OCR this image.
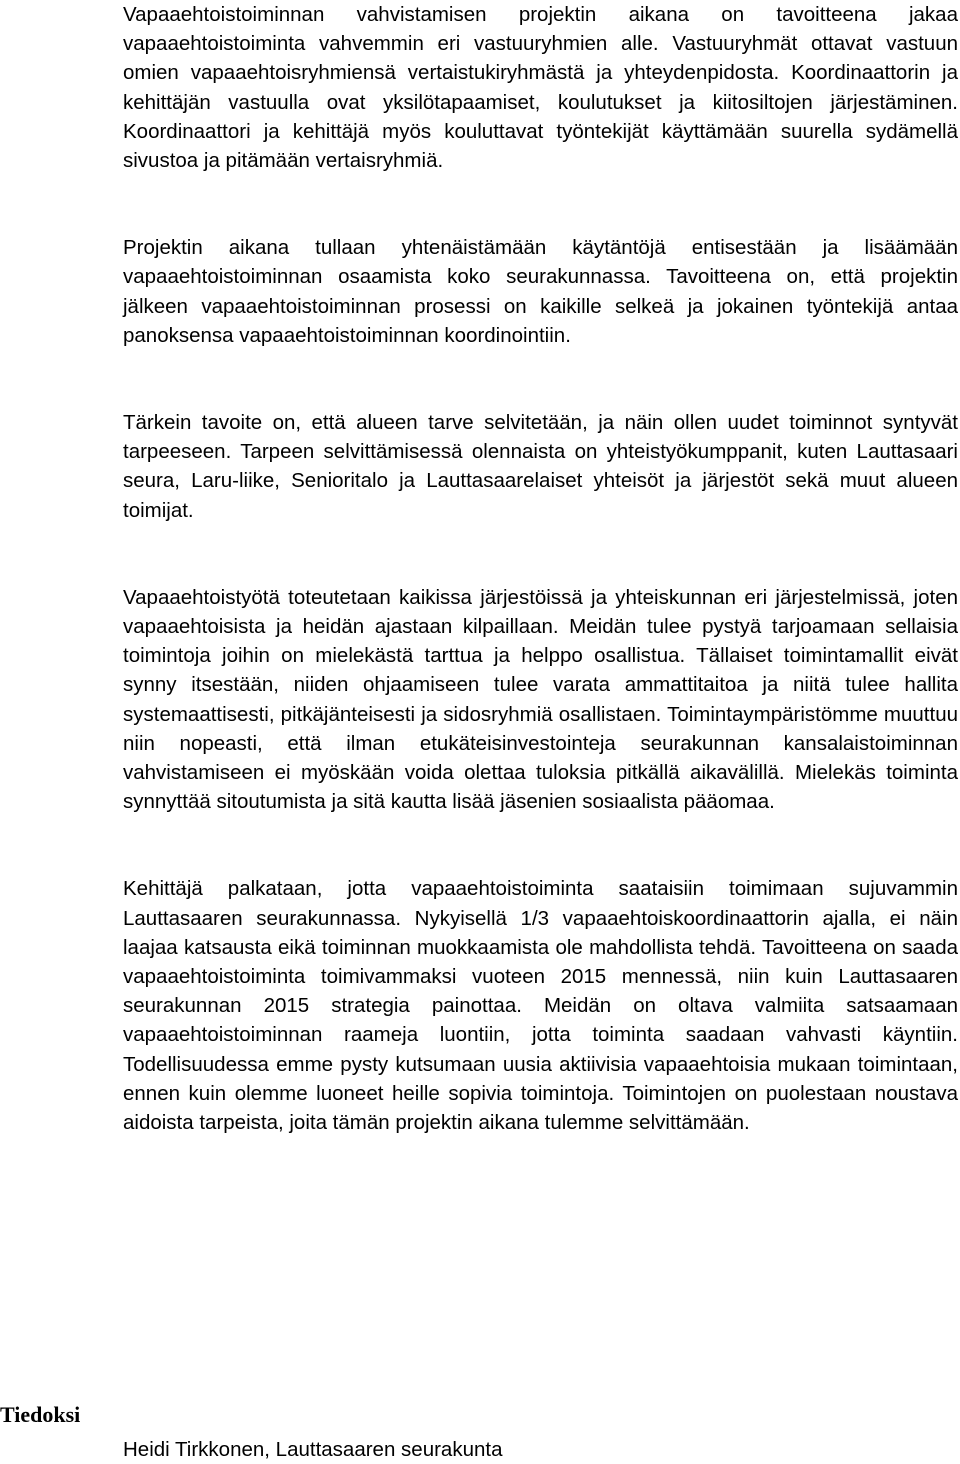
Vapaaehtoistoiminnan vahvistamisen projektin aikana on tavoitteena jakaa vapaaehtoistoiminta vahvemmin eri vastuuryhmien alle. Vastuuryhmät ottavat vastuun omien vapaaehtoisryhmiensä vertaistukiryhmästä ja yhteydenpidosta. Koordinaattorin ja kehittäjän vastuulla ovat yksilötapaamiset, koulutukset ja kiitosiltojen järjestäminen. Koordinaattori ja kehittäjä myös kouluttavat työntekijät käyttämään suurella sydämellä sivustoa ja pitämään vertaisryhmiä.

Projektin aikana tullaan yhtenäistämään käytäntöjä entisestään ja lisäämään vapaaehtoistoiminnan osaamista koko seurakunnassa. Tavoitteena on, että projektin jälkeen vapaaehtoistoiminnan prosessi on kaikille selkeä ja jokainen työntekijä antaa panoksensa vapaaehtoistoiminnan koordinointiin.

Tärkein tavoite on, että alueen tarve selvitetään, ja näin ollen uudet toiminnot syntyvät tarpeeseen. Tarpeen selvittämisessä olennaista on yhteistyökumppanit, kuten Lauttasaari seura, Laru-liike, Senioritalo ja Lauttasaarelaiset yhteisöt ja järjestöt sekä muut alueen toimijat.

Vapaaehtoistyötä toteutetaan kaikissa järjestöissä ja yhteiskunnan eri järjestelmissä, joten vapaaehtoisista ja heidän ajastaan kilpaillaan. Meidän tulee pystyä tarjoamaan sellaisia toimintoja joihin on mielekästä tarttua ja helppo osallistua. Tällaiset toimintamallit eivät synny itsestään, niiden ohjaamiseen tulee varata ammattitaitoa ja niitä tulee hallita systemaattisesti, pitkäjänteisesti ja sidosryhmiä osallistaen. Toimintaympäristömme muuttuu niin nopeasti, että ilman etukäteisinvestointeja seurakunnan kansalaistoiminnan vahvistamiseen ei myöskään voida olettaa tuloksia pitkällä aikavälillä. Mielekäs toiminta synnyttää sitoutumista ja sitä kautta lisää jäsenien sosiaalista pääomaa.

Kehittäjä palkataan, jotta vapaaehtoistoiminta saataisiin toimimaan sujuvammin Lauttasaaren seurakunnassa. Nykyisellä 1/3 vapaaehtoiskoordinaattorin ajalla, ei näin laajaa katsausta eikä toiminnan muokkaamista ole mahdollista tehdä. Tavoitteena on saada vapaaehtoistoiminta toimivammaksi vuoteen 2015 mennessä, niin kuin Lauttasaaren seurakunnan 2015 strategia painottaa. Meidän on oltava valmiita satsaamaan vapaaehtoistoiminnan raameja luontiin, jotta toiminta saadaan vahvasti käyntiin. Todellisuudessa emme pysty kutsumaan uusia aktiivisia vapaaehtoisia mukaan toimintaan, ennen kuin olemme luoneet heille sopivia toimintoja. Toimintojen on puolestaan noustava aidoista tarpeista, joita tämän projektin aikana tulemme selvittämään.

Tiedoksi
Heidi Tirkkonen, Lauttasaaren seurakunta
